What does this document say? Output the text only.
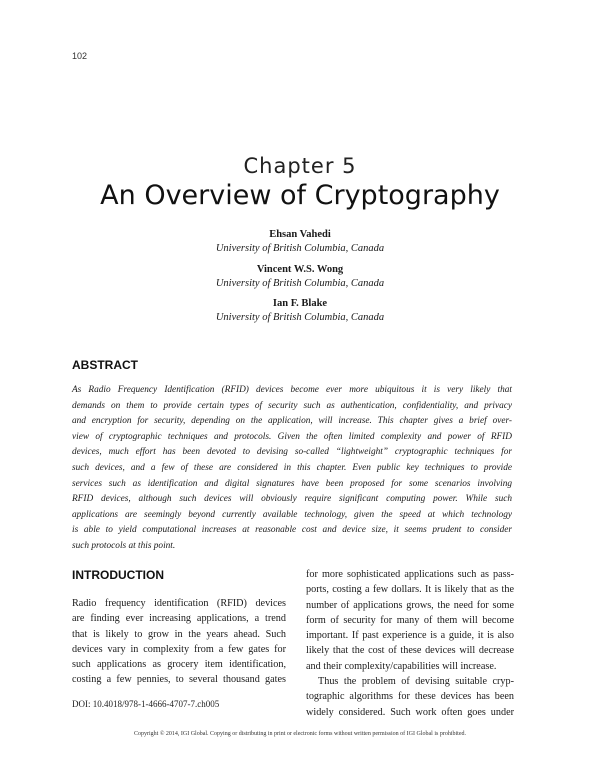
102
Chapter 5
An Overview of Cryptography
Ehsan Vahedi
University of British Columbia, Canada
Vincent W.S. Wong
University of British Columbia, Canada
Ian F. Blake
University of British Columbia, Canada
ABSTRACT
As Radio Frequency Identification (RFID) devices become ever more ubiquitous it is very likely that
demands on them to provide certain types of security such as authentication, confidentiality, and privacy
and encryption for security, depending on the application, will increase. This chapter gives a brief over-
view of cryptographic techniques and protocols. Given the often limited complexity and power of RFID
devices, much effort has been devoted to devising so-called “lightweight” cryptographic techniques for
such devices, and a few of these are considered in this chapter. Even public key techniques to provide
services such as identification and digital signatures have been proposed for some scenarios involving
RFID devices, although such devices will obviously require significant computing power. While such
applications are seemingly beyond currently available technology, given the speed at which technology
is able to yield computational increases at reasonable cost and device size, it seems prudent to consider
such protocols at this point.
INTRODUCTION
Radio frequency identification (RFID) devices
are finding ever increasing applications, a trend
that is likely to grow in the years ahead. Such
devices vary in complexity from a few gates for
such applications as grocery item identification,
costing a few pennies, to several thousand gates
for more sophisticated applications such as pass-
ports, costing a few dollars. It is likely that as the
number of applications grows, the need for some
form of security for many of them will become
important. If past experience is a guide, it is also
likely that the cost of these devices will decrease
and their complexity/capabilities will increase.
Thus the problem of devising suitable cryp-
tographic algorithms for these devices has been
widely considered. Such work often goes under
DOI: 10.4018/978-1-4666-4707-7.ch005
Copyright © 2014, IGI Global. Copying or distributing in print or electronic forms without written permission of IGI Global is prohibited.
